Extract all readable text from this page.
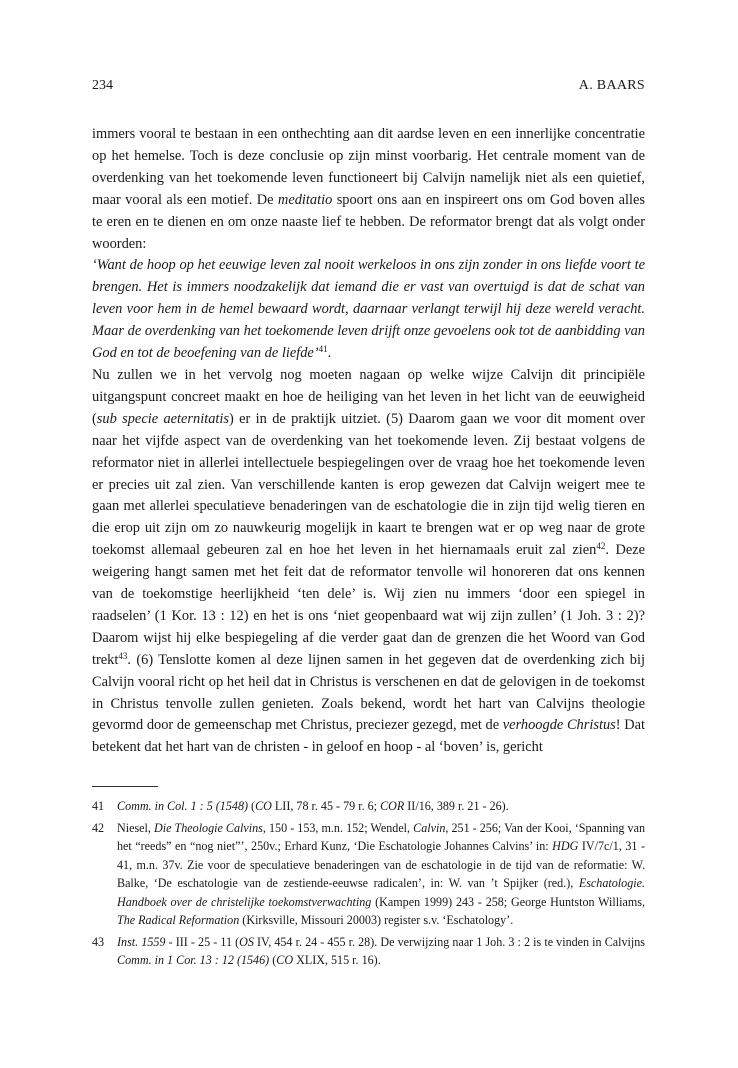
234	A. BAARS

immers vooral te bestaan in een onthechting aan dit aardse leven en een innerlijke concentratie op het hemelse. Toch is deze conclusie op zijn minst voorbarig. Het centrale moment van de overdenking van het toekomende leven functioneert bij Calvijn namelijk niet als een quietief, maar vooral als een motief. De meditatio spoort ons aan en inspireert ons om God boven alles te eren en te dienen en om onze naaste lief te hebben. De reformator brengt dat als volgt onder woorden:

‘Want de hoop op het eeuwige leven zal nooit werkeloos in ons zijn zonder in ons liefde voort te brengen. Het is immers noodzakelijk dat iemand die er vast van overtuigd is dat de schat van leven voor hem in de hemel bewaard wordt, daarnaar verlangt terwijl hij deze wereld veracht. Maar de overdenking van het toekomende leven drijft onze gevoelens ook tot de aanbidding van God en tot de beoefening van de liefde’$^{41}$.

Nu zullen we in het vervolg nog moeten nagaan op welke wijze Calvijn dit principiële uitgangspunt concreet maakt en hoe de heiliging van het leven in het licht van de eeuwigheid (sub specie aeternitatis) er in de praktijk uitziet. (5) Daarom gaan we voor dit moment over naar het vijfde aspect van de overdenking van het toekomende leven. Zij bestaat volgens de reformator niet in allerlei intellectuele bespiegelingen over de vraag hoe het toekomende leven er precies uit zal zien. Van verschillende kanten is erop gewezen dat Calvijn weigert mee te gaan met allerlei speculatieve benaderingen van de eschatologie die in zijn tijd welig tieren en die erop uit zijn om zo nauwkeurig mogelijk in kaart te brengen wat er op weg naar de grote toekomst allemaal gebeuren zal en hoe het leven in het hiernamaals eruit zal zien$^{42}$. Deze weigering hangt samen met het feit dat de reformator tenvolle wil honoreren dat ons kennen van de toekomstige heerlijkheid ‘ten dele’ is. Wij zien nu immers ‘door een spiegel in raadselen’ (1 Kor. 13 : 12) en het is ons ‘niet geopenbaard wat wij zijn zullen’ (1 Joh. 3 : 2)? Daarom wijst hij elke bespiegeling af die verder gaat dan de grenzen die het Woord van God trekt$^{43}$. (6) Tenslotte komen al deze lijnen samen in het gegeven dat de overdenking zich bij Calvijn vooral richt op het heil dat in Christus is verschenen en dat de gelovigen in de toekomst in Christus tenvolle zullen genieten. Zoals bekend, wordt het hart van Calvijns theologie gevormd door de gemeenschap met Christus, preciezer gezegd, met de verhoogde Christus! Dat betekent dat het hart van de christen - in geloof en hoop - al ‘boven’ is, gericht

41	Comm. in Col. 1 : 5 (1548) (CO LII, 78 r. 45 - 79 r. 6; COR II/16, 389 r. 21 - 26).
42	Niesel, Die Theologie Calvins, 150 - 153, m.n. 152; Wendel, Calvin, 251 - 256; Van der Kooi, ‘Spanning van het “reeds” en “nog niet”’, 250v.; Erhard Kunz, ‘Die Eschatologie Johannes Calvins’ in: HDG IV/7c/1, 31 - 41, m.n. 37v. Zie voor de speculatieve benaderingen van de eschatologie in de tijd van de reformatie: W. Balke, ‘De eschatologie van de zestiende-eeuwse radicalen’, in: W. van ’t Spijker (red.), Eschatologie. Handboek over de christelijke toekomstverwachting (Kampen 1999) 243 - 258; George Huntston Williams, The Radical Reformation (Kirksville, Missouri 20003) register s.v. ‘Eschatology’.
43	Inst. 1559 - III - 25 - 11 (OS IV, 454 r. 24 - 455 r. 28). De verwijzing naar 1 Joh. 3 : 2 is te vinden in Calvijns Comm. in 1 Cor. 13 : 12 (1546) (CO XLIX, 515 r. 16).
